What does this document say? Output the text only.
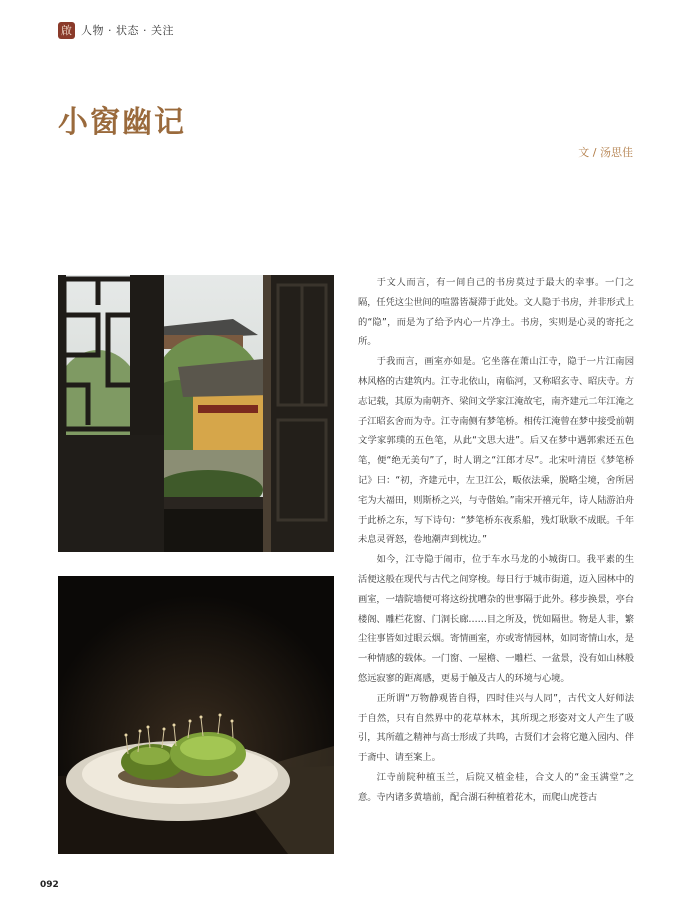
啟 人物 · 状态 · 关注
小窗幽记
文 / 汤思佳

于文人而言，有一间自己的书房莫过于最大的幸事。一门之隔，任凭这尘世间的喧嚣皆凝滞于此处。文人隐于书房，并非形式上的“隐”，而是为了给予内心一片净土。书房，实则是心灵的寄托之所。

于我而言，画室亦如是。它坐落在萧山江寺，隐于一片江南园林风格的古建筑内。江寺北依山，南临河，又称昭玄寺、昭庆寺。方志记载，其原为南朝齐、梁间文学家江淹故宅，南齐建元二年江淹之子江昭玄舍而为寺。江寺南侧有梦笔桥。相传江淹曾在梦中接受前朝文学家郭璞的五色笔，从此“文思大进”。后又在梦中遇郭索还五色笔，便“绝无美句”了，时人谓之“江郎才尽”。北宋叶清臣《梦笔桥记》曰：“初，齐建元中，左卫江公，畈依法乘，脱略尘境，舍所居宅为大福田，则斯桥之兴，与寺偕始。”南宋开禧元年，诗人陆游泊舟于此桥之东，写下诗句：“梦笔桥东夜系船，残灯耿耿不成眠。千年未息灵胥怒，卷地潮声到枕边。”

如今，江寺隐于闹市，位于车水马龙的小城街口。我平素的生活便这般在现代与古代之间穿梭。每日行于城市街道，迈入园林中的画室，一墙院墙便可将这纷扰嘈杂的世事隔于此外。移步换景，亭台楼阁、雕栏花窗、门洞长廊……目之所及，恍如隔世。物是人非，繁尘往事皆如过眼云烟。寄情画室，亦或寄情园林，如同寄情山水，是一种情感的载体。一门窗、一屋檐、一雕栏、一盆景，没有如山林般悠远寂寥的距离感，更易于触及古人的环境与心境。

正所谓“万物静观皆自得，四时佳兴与人同”，古代文人好师法于自然，只有自然界中的花草林木，其所现之形姿对文人产生了吸引，其所蕴之精神与高士形成了共鸣，古贤们才会将它邀入园内、伴于斋中、请至案上。

江寺前院种植玉兰，后院又植金桂，合文人的“金玉满堂”之意。寺内诸多黄墙前，配合湖石种植着花木，而爬山虎苍古

092
